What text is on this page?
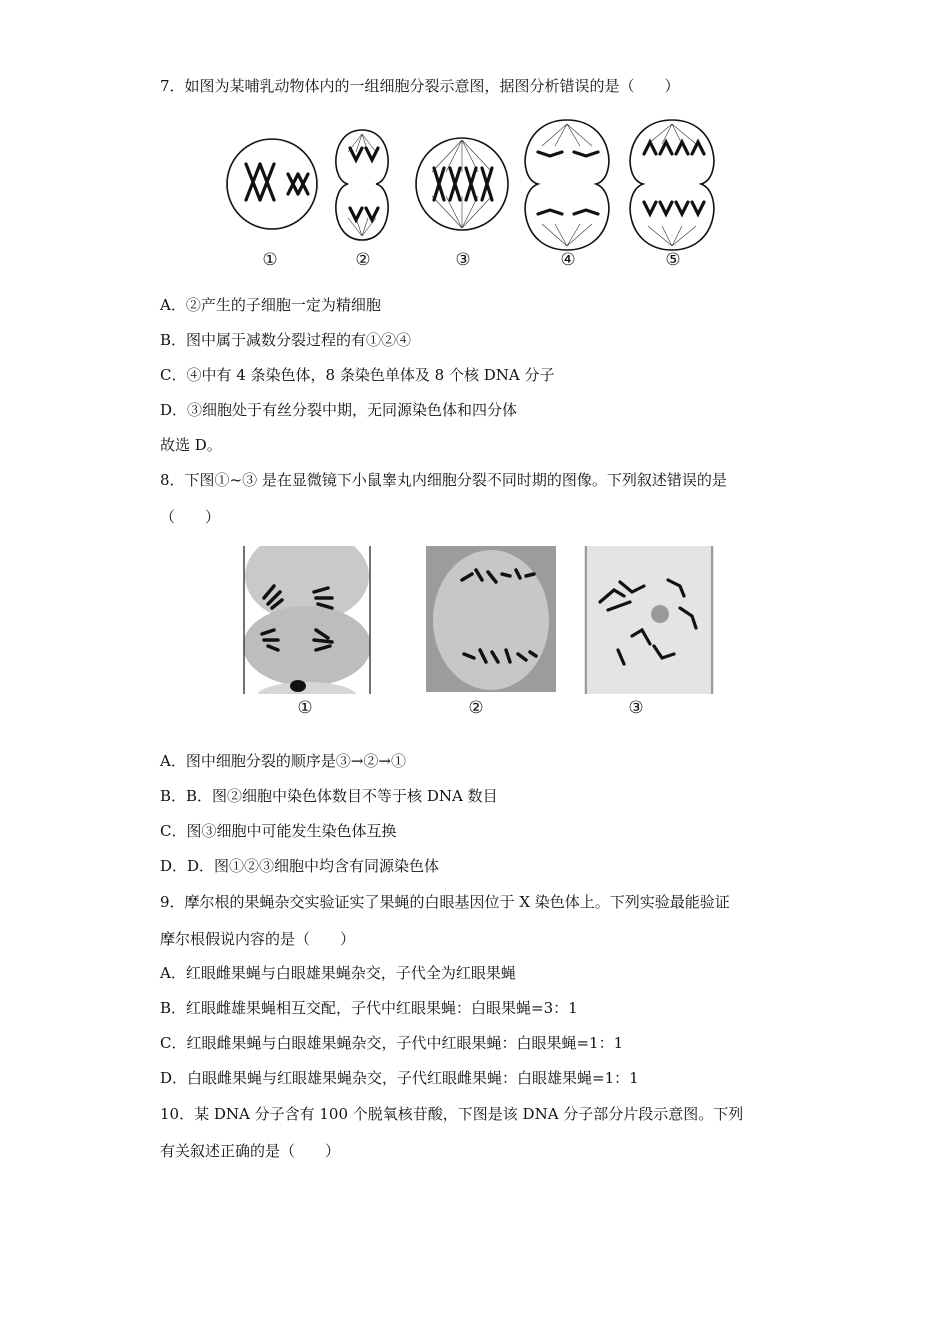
7．如图为某哺乳动物体内的一组细胞分裂示意图，据图分析错误的是（　　）
①	②	③	④	⑤
A．②产生的子细胞一定为精细胞
B．图中属于减数分裂过程的有①②④
C．④中有 4 条染色体，8 条染色单体及 8 个核 DNA 分子
D．③细胞处于有丝分裂中期，无同源染色体和四分体
故选 D。
8．下图①~③ 是在显微镜下小鼠睾丸内细胞分裂不同时期的图像。下列叙述错误的是
（　　）
①	②	③
A．图中细胞分裂的顺序是③→②→①
B．B．图②细胞中染色体数目不等于核 DNA 数目
C．图③细胞中可能发生染色体互换
D．D．图①②③细胞中均含有同源染色体
9．摩尔根的果蝇杂交实验证实了果蝇的白眼基因位于 X 染色体上。下列实验最能验证
摩尔根假说内容的是（　　）
A．红眼雌果蝇与白眼雄果蝇杂交，子代全为红眼果蝇
B．红眼雌雄果蝇相互交配，子代中红眼果蝇：白眼果蝇=3：1
C．红眼雌果蝇与白眼雄果蝇杂交，子代中红眼果蝇：白眼果蝇=1：1
D．白眼雌果蝇与红眼雄果蝇杂交，子代红眼雌果蝇：白眼雄果蝇=1：1
10．某 DNA 分子含有 100 个脱氧核苷酸，下图是该 DNA 分子部分片段示意图。下列
有关叙述正确的是（　　）
